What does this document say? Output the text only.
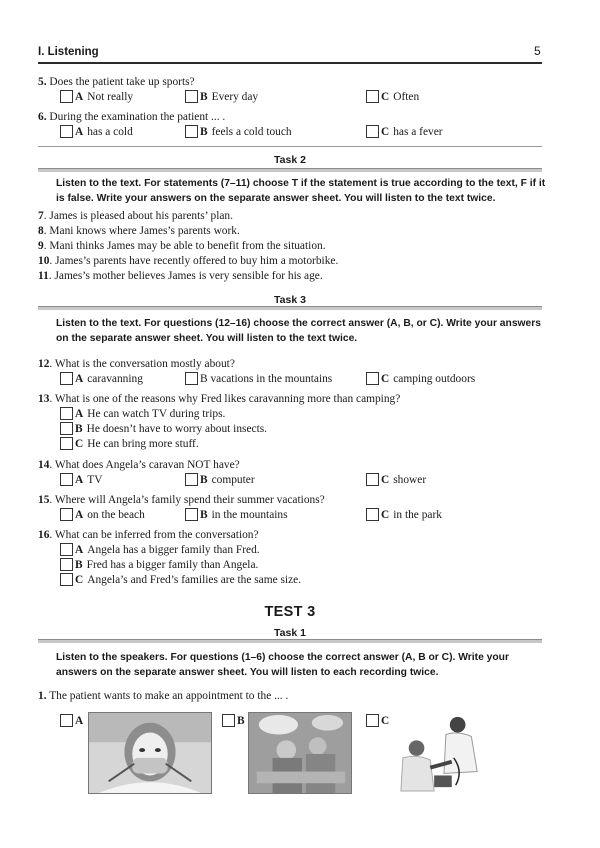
I. Listening	5
5. Does the patient take up sports?
A Not really	B Every day	C Often
6. During the examination the patient ... .
A has a cold	B feels a cold touch	C has a fever
Task 2
Listen to the text. For statements (7–11) choose T if the statement is true according to the text, F if it is false. Write your answers on the separate answer sheet. You will listen to the text twice.
7. James is pleased about his parents’ plan.
8. Mani knows where James’s parents work.
9. Mani thinks James may be able to benefit from the situation.
10. James’s parents have recently offered to buy him a motorbike.
11. James’s mother believes James is very sensible for his age.
Task 3
Listen to the text. For questions (12–16) choose the correct answer (A, B, or C). Write your answers on the separate answer sheet. You will listen to the text twice.
12. What is the conversation mostly about?
A caravanning	B vacations in the mountains	C camping outdoors
13. What is one of the reasons why Fred likes caravanning more than camping?
A He can watch TV during trips.
B He doesn’t have to worry about insects.
C He can bring more stuff.
14. What does Angela’s caravan NOT have?
A TV	B computer	C shower
15. Where will Angela’s family spend their summer vacations?
A on the beach	B in the mountains	C in the park
16. What can be inferred from the conversation?
A Angela has a bigger family than Fred.
B Fred has a bigger family than Angela.
C Angela’s and Fred’s families are the same size.
TEST 3
Task 1
Listen to the speakers. For questions (1–6) choose the correct answer (A, B or C). Write your answers on the separate answer sheet. You will listen to each recording twice.
1. The patient wants to make an appointment to the ... .
A	B	C
